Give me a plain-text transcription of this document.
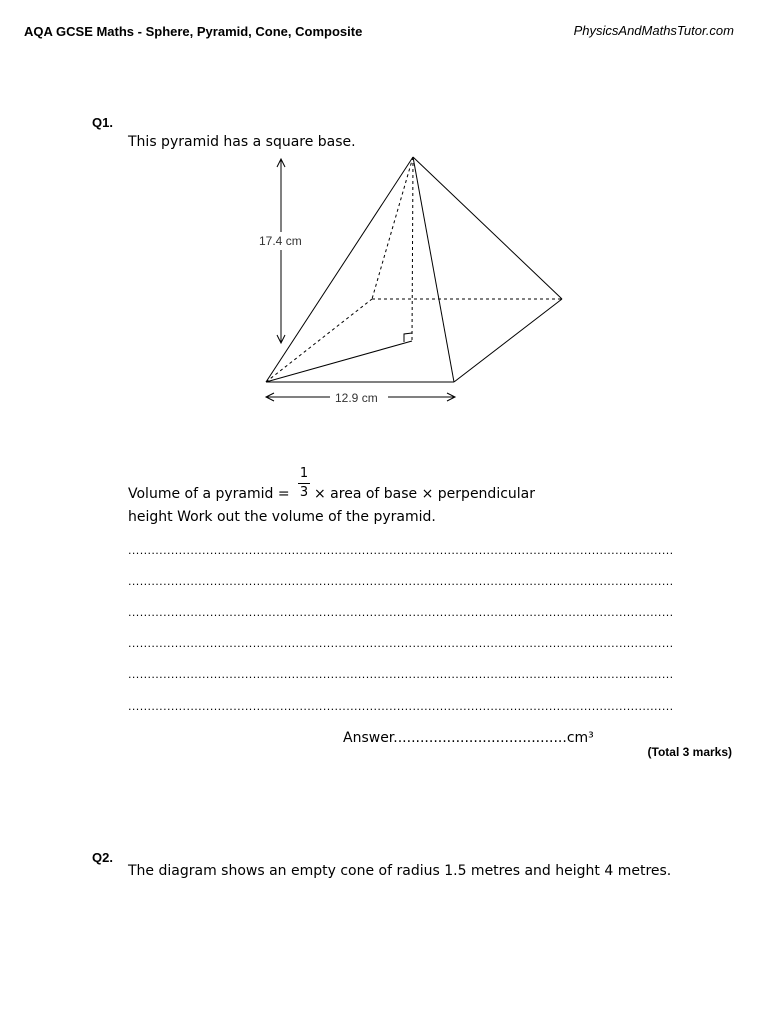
AQA GCSE Maths - Sphere, Pyramid, Cone, Composite	PhysicsAndMathsTutor.com
Q1.
This pyramid has a square base.
17.4 cm
12.9 cm
Volume of a pyramid =
1
3 × area of base × perpendicular
height Work out the volume of the pyramid.
............................................................................................................................................
............................................................................................................................................
............................................................................................................................................
............................................................................................................................................
............................................................................................................................................
............................................................................................................................................
Answer.......................................cm³
(Total 3 marks)
Q2.
The diagram shows an empty cone of radius 1.5 metres and height 4 metres.
